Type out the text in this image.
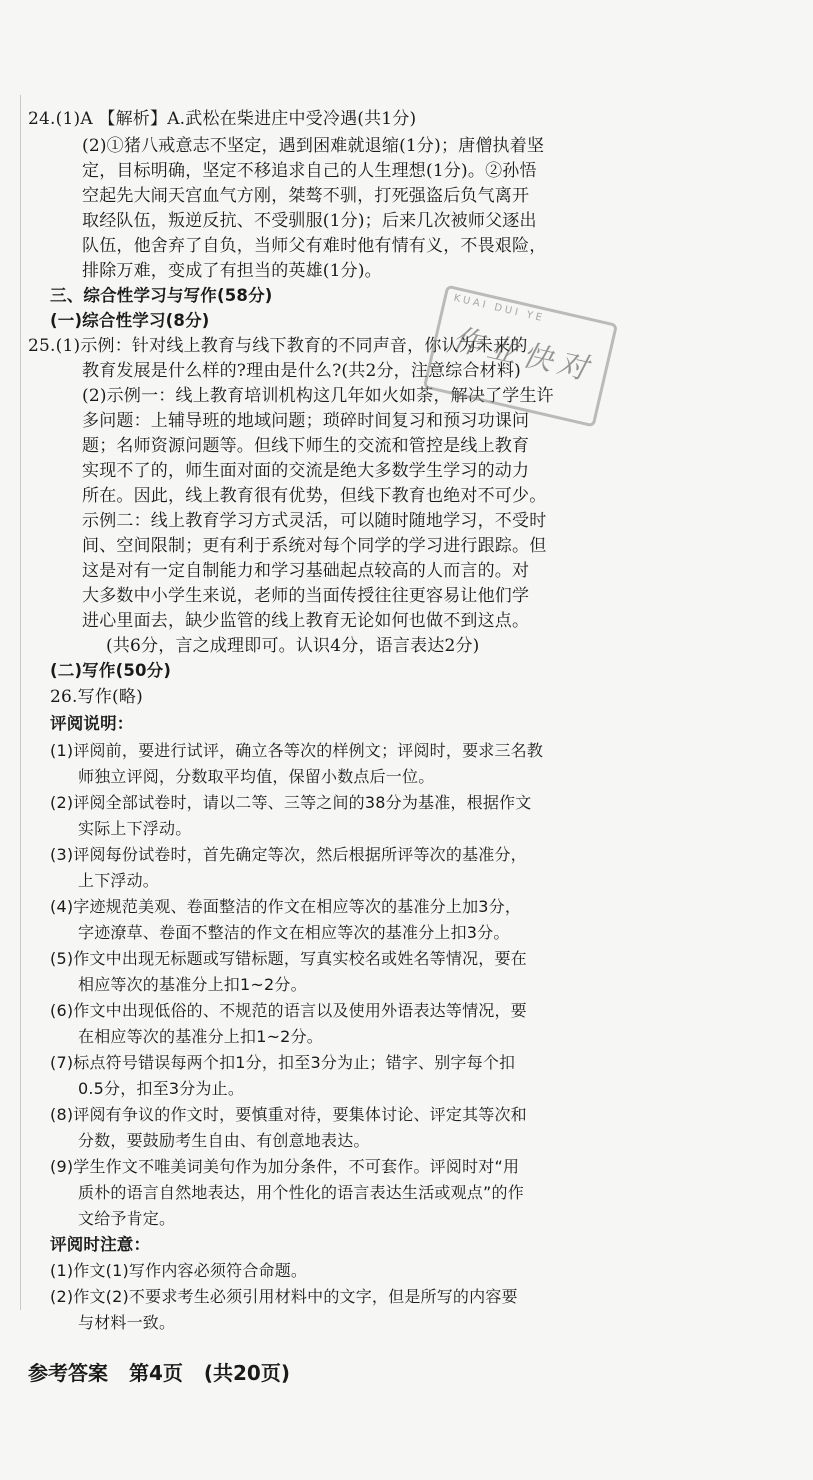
24.(1)A 【解析】A.武松在柴进庄中受冷遇(共1分)
(2)①猪八戒意志不坚定，遇到困难就退缩(1分)；唐僧执着坚
定，目标明确，坚定不移追求自己的人生理想(1分)。②孙悟
空起先大闹天宫血气方刚，桀骜不驯，打死强盗后负气离开
取经队伍，叛逆反抗、不受驯服(1分)；后来几次被师父逐出
队伍，他舍弃了自负，当师父有难时他有情有义，不畏艰险，
排除万难，变成了有担当的英雄(1分)。
三、综合性学习与写作(58分)
(一)综合性学习(8分)
25.(1)示例：针对线上教育与线下教育的不同声音，你认为未来的
教育发展是什么样的?理由是什么?(共2分，注意综合材料)
(2)示例一：线上教育培训机构这几年如火如荼，解决了学生许
多问题：上辅导班的地域问题；琐碎时间复习和预习功课问
题；名师资源问题等。但线下师生的交流和管控是线上教育
实现不了的，师生面对面的交流是绝大多数学生学习的动力
所在。因此，线上教育很有优势，但线下教育也绝对不可少。
示例二：线上教育学习方式灵活，可以随时随地学习，不受时
间、空间限制；更有利于系统对每个同学的学习进行跟踪。但
这是对有一定自制能力和学习基础起点较高的人而言的。对
大多数中小学生来说，老师的当面传授往往更容易让他们学
进心里面去，缺少监管的线上教育无论如何也做不到这点。
(共6分，言之成理即可。认识4分，语言表达2分)
(二)写作(50分)
26.写作(略)
评阅说明：
(1)评阅前，要进行试评，确立各等次的样例文；评阅时，要求三名教
师独立评阅，分数取平均值，保留小数点后一位。
(2)评阅全部试卷时，请以二等、三等之间的38分为基准，根据作文
实际上下浮动。
(3)评阅每份试卷时，首先确定等次，然后根据所评等次的基准分，
上下浮动。
(4)字迹规范美观、卷面整洁的作文在相应等次的基准分上加3分，
字迹潦草、卷面不整洁的作文在相应等次的基准分上扣3分。
(5)作文中出现无标题或写错标题，写真实校名或姓名等情况，要在
相应等次的基准分上扣1~2分。
(6)作文中出现低俗的、不规范的语言以及使用外语表达等情况，要
在相应等次的基准分上扣1~2分。
(7)标点符号错误每两个扣1分，扣至3分为止；错字、别字每个扣
0.5分，扣至3分为止。
(8)评阅有争议的作文时，要慎重对待，要集体讨论、评定其等次和
分数，要鼓励考生自由、有创意地表达。
(9)学生作文不唯美词美句作为加分条件，不可套作。评阅时对“用
质朴的语言自然地表达，用个性化的语言表达生活或观点”的作
文给予肯定。
评阅时注意：
(1)作文(1)写作内容必须符合命题。
(2)作文(2)不要求考生必须引用材料中的文字，但是所写的内容要
与材料一致。
KUAI DUI YE
作业快对
参考答案 第4页 (共20页)
